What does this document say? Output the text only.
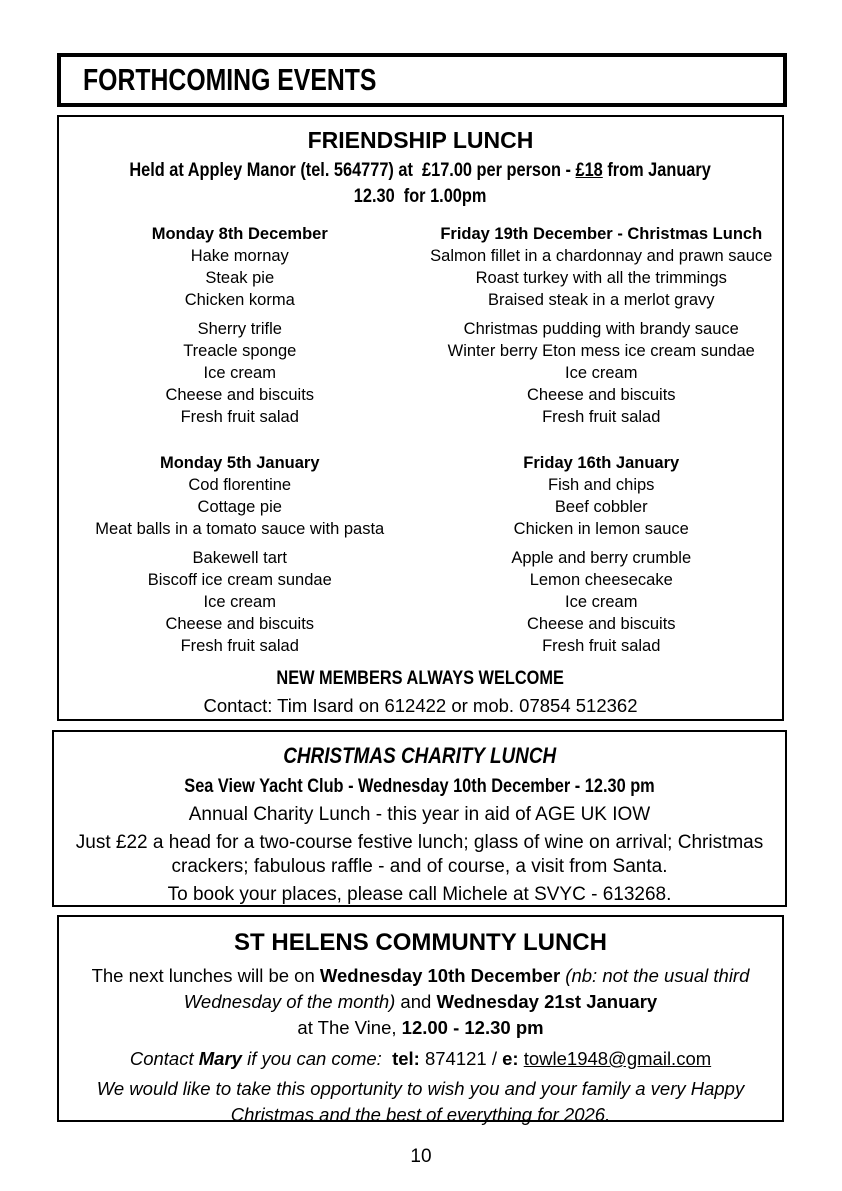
FORTHCOMING EVENTS
FRIENDSHIP LUNCH

Held at Appley Manor (tel. 564777) at  £17.00 per person - £18 from January

12.30  for 1.00pm

Monday 8th December
Hake mornay
Steak pie
Chicken korma
Sherry trifle
Treacle sponge
Ice cream
Cheese and biscuits
Fresh fruit salad
Friday 19th December - Christmas Lunch
Salmon fillet in a chardonnay and prawn sauce
Roast turkey with all the trimmings
Braised steak in a merlot gravy
Christmas pudding with brandy sauce
Winter berry Eton mess ice cream sundae
Ice cream
Cheese and biscuits
Fresh fruit salad
Monday 5th January
Cod florentine
Cottage pie
Meat balls in a tomato sauce with pasta
Bakewell tart
Biscoff ice cream sundae
Ice cream
Cheese and biscuits
Fresh fruit salad
Friday 16th January
Fish and chips
Beef cobbler
Chicken in lemon sauce
Apple and berry crumble
Lemon cheesecake
Ice cream
Cheese and biscuits
Fresh fruit salad

NEW MEMBERS ALWAYS WELCOME

Contact: Tim Isard on 612422 or mob. 07854 512362

CHRISTMAS CHARITY LUNCH

Sea View Yacht Club - Wednesday 10th December - 12.30 pm

Annual Charity Lunch - this year in aid of AGE UK IOW

Just £22 a head for a two-course festive lunch; glass of wine on arrival; Christmas crackers; fabulous raffle - and of course, a visit from Santa.

To book your places, please call Michele at SVYC - 613268.

ST HELENS COMMUNTY LUNCH

The next lunches will be on Wednesday 10th December (nb: not the usual third
Wednesday of the month) and Wednesday 21st January
at The Vine, 12.00 - 12.30 pm

Contact Mary if you can come:  tel: 874121 / e: towle1948@gmail.com

We would like to take this opportunity to wish you and your family a very Happy Christmas and the best of everything for 2026.

10
